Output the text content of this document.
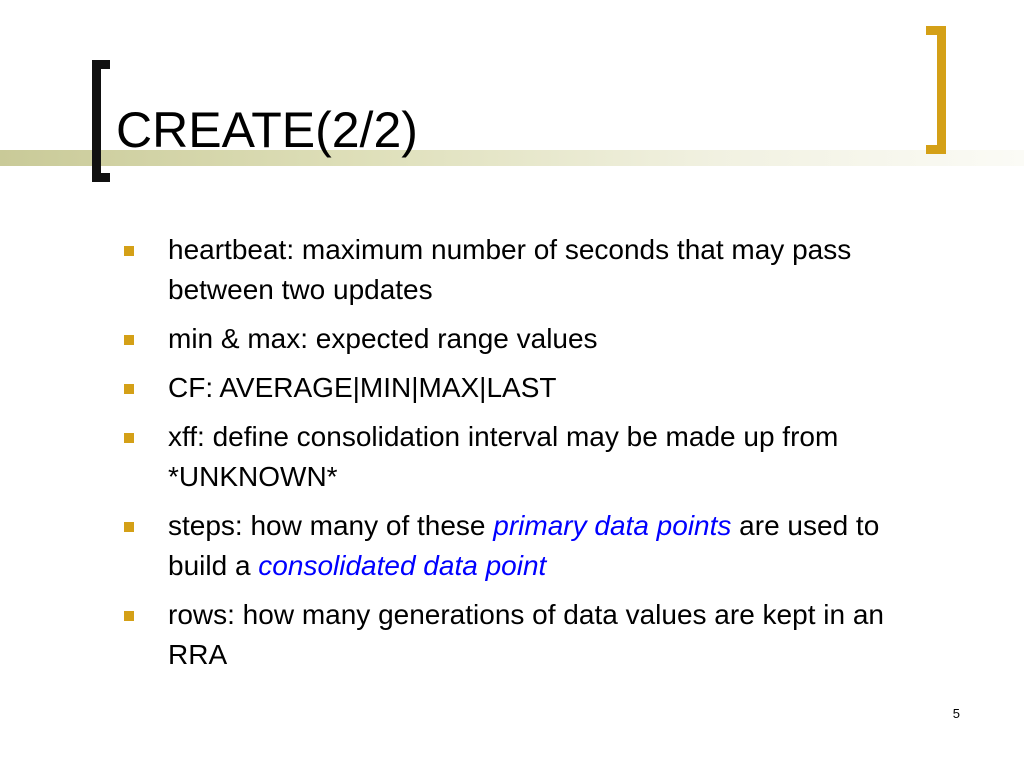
CREATE(2/2)
heartbeat: maximum number of seconds that may pass between two updates
min & max: expected range values
CF: AVERAGE|MIN|MAX|LAST
xff: define consolidation interval may be made up from *UNKNOWN*
steps: how many of these primary data points are used to build a consolidated data point
rows: how many generations of data values are kept in an RRA
5
